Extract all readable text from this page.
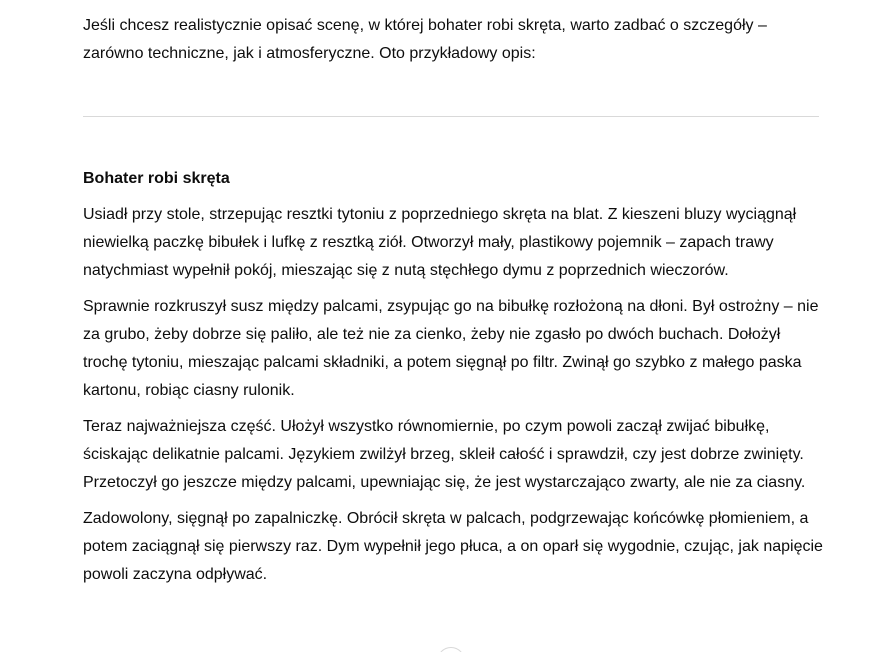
Jeśli chcesz realistycznie opisać scenę, w której bohater robi skręta, warto zadbać o szczegóły – zarówno techniczne, jak i atmosferyczne. Oto przykładowy opis:

Bohater robi skręta

Usiadł przy stole, strzepując resztki tytoniu z poprzedniego skręta na blat. Z kieszeni bluzy wyciągnął niewielką paczkę bibułek i lufkę z resztką ziół. Otworzył mały, plastikowy pojemnik – zapach trawy natychmiast wypełnił pokój, mieszając się z nutą stęchłego dymu z poprzednich wieczorów.

Sprawnie rozkruszył susz między palcami, zsypując go na bibułkę rozłożoną na dłoni. Był ostrożny – nie za grubo, żeby dobrze się paliło, ale też nie za cienko, żeby nie zgasło po dwóch buchach. Dołożył trochę tytoniu, mieszając palcami składniki, a potem sięgnął po filtr. Zwinął go szybko z małego paska kartonu, robiąc ciasny rulonik.

Teraz najważniejsza część. Ułożył wszystko równomiernie, po czym powoli zaczął zwijać bibułkę, ściskając delikatnie palcami. Językiem zwilżył brzeg, skleił całość i sprawdził, czy jest dobrze zwinięty. Przetoczył go jeszcze między palcami, upewniając się, że jest wystarczająco zwarty, ale nie za ciasny.

Zadowolony, sięgnął po zapalniczkę. Obrócił skręta w palcach, podgrzewając końcówkę płomieniem, a potem zaciągnął się pierwszy raz. Dym wypełnił jego płuca, a on oparł się wygodnie, czując, jak napięcie powoli zaczyna odpływać.
